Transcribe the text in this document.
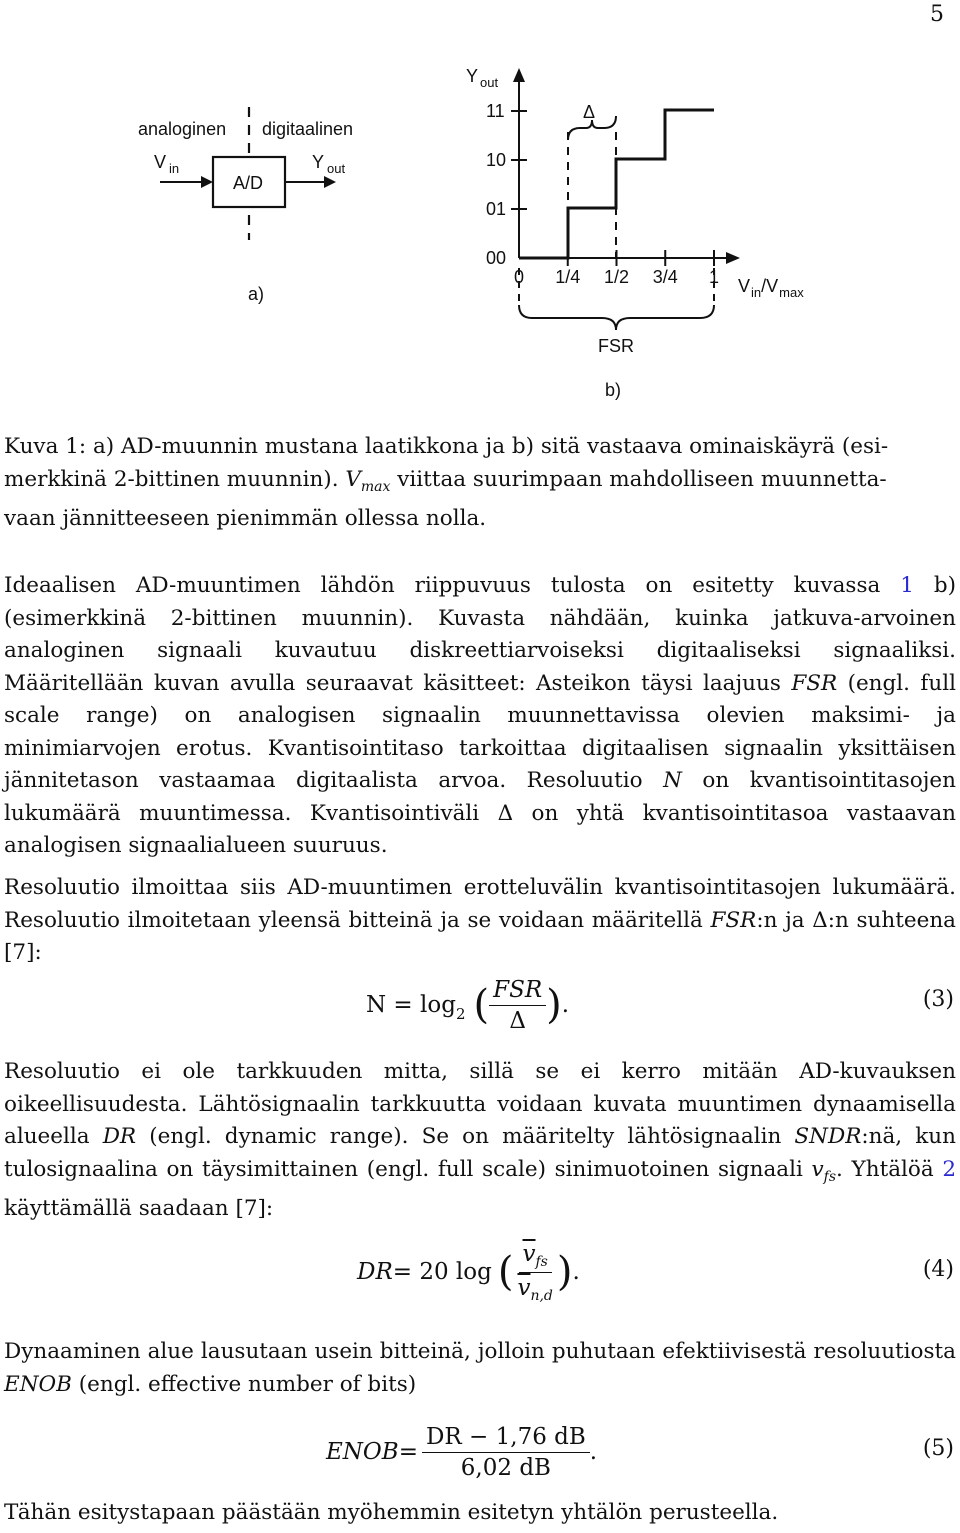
5
analoginen digitaalinen
A/D
V $_{in}$	Y $_{out}$
a)
Y $_{out}$
11
10
01
00
0 1/4 1/2 3/4 1 $V_{in}/V_{max}$
Δ
FSR
b)
Kuva 1: a) AD-muunnin mustana laatikkona ja b) sitä vastaava ominaiskäyrä (esi-
merkkinä 2-bittinen muunnin). $V_{max}$ viittaa suurimpaan mahdolliseen muunnetta-
vaan jännitteeseen pienimmän ollessa nolla.
Ideaalisen AD-muuntimen lähdön riippuvuus tulosta on esitetty kuvassa 1 b) (esimerkkinä 2-bittinen muunnin). Kuvasta nähdään, kuinka jatkuva-arvoinen analoginen signaali kuvautuu diskreettiarvoiseksi digitaaliseksi signaaliksi. Määritellään kuvan avulla seuraavat käsitteet: Asteikon täysi laajuus FSR (engl. full scale range) on analogisen signaalin muunnettavissa olevien maksimi- ja minimiarvojen erotus. Kvantisointitaso tarkoittaa digitaalisen signaalin yksittäisen jännitetason vastaamaa digitaalista arvoa. Resoluutio N on kvantisointitasojen lukumäärä muuntimessa. Kvantisointiväli Δ on yhtä kvantisointitasoa vastaavan analogisen signaalialueen suuruus.
Resoluutio ilmoittaa siis AD-muuntimen erotteluvälin kvantisointitasojen lukumäärä. Resoluutio ilmoitetaan yleensä bitteinä ja se voidaan määritellä FSR:n ja Δ:n suhteena [7]:
N = log 2 ( $\frac{\text{FSR}}{\Delta}$ ) .	(3)
Resoluutio ei ole tarkkuuden mitta, sillä se ei kerro mitään AD-kuvauksen oikeellisuudesta. Lähtösignaalin tarkkuutta voidaan kuvata muuntimen dynaamisella alueella DR (engl. dynamic range). Se on määritelty lähtösignaalin SNDR:nä, kun tulosignaalina on täysimittainen (engl. full scale) sinimuotoinen signaali $v_{fs}$. Yhtälöä 2 käyttämällä saadaan [7]:
DR = 20 log ( $\frac{\overline{v}_{fs}}{\overline{v}_{n,d}}$ ) .	(4)
Dynaaminen alue lausutaan usein bitteinä, jolloin puhutaan efektiivisestä resoluutiosta ENOB (engl. effective number of bits)
ENOB = $\frac{DR - 1,76 dB}{6,02 dB}$ .	(5)
Tähän esitystapaan päästään myöhemmin esitetyn yhtälön perusteella.
